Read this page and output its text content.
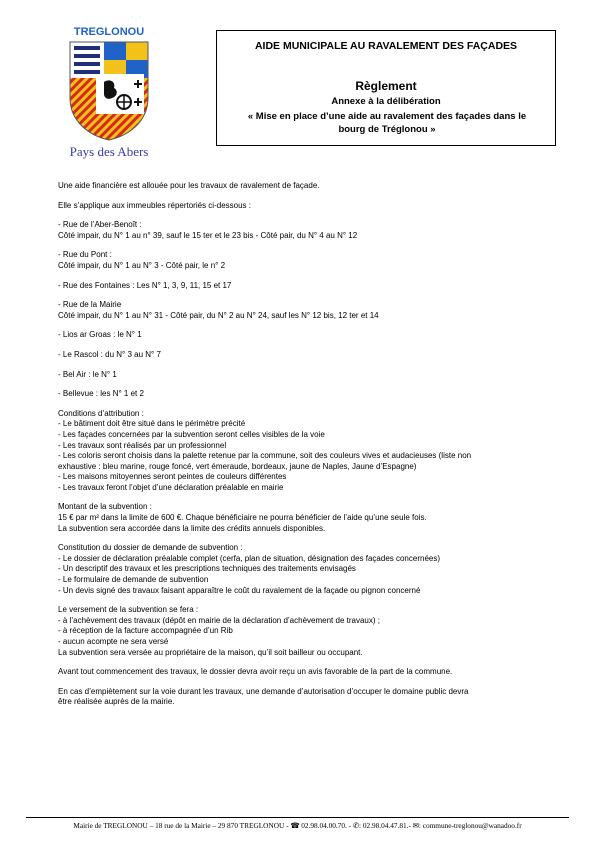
TREGLONOU
Pays des Abers
AIDE MUNICIPALE AU RAVALEMENT DES FAÇADES
Règlement
Annexe à la délibération
« Mise en place d’une aide au ravalement des façades dans le
bourg de Tréglonou »

Une aide financière est allouée pour les travaux de ravalement de façade.

Elle s’applique aux immeubles répertoriés ci-dessous :

- Rue de l’Aber-Benoît :
Côté impair, du N° 1 au n° 39, sauf le 15 ter et le 23 bis - Côté pair, du N° 4 au N° 12

- Rue du Pont :
Côté impair, du N° 1 au N° 3 - Côté pair, le n° 2

- Rue des Fontaines : Les N° 1, 3, 9, 11, 15 et 17

- Rue de la Mairie
Côté impair, du N° 1 au N° 31 - Côté pair, du N° 2 au N° 24, sauf les N° 12 bis, 12 ter et 14

- Lios ar Groas : le N° 1

- Le Rascol : du N° 3 au N° 7

- Bel Air : le N° 1

- Bellevue : les N° 1 et 2

Conditions d’attribution :
- Le bâtiment doit être situé dans le périmètre précité
- Les façades concernées par la subvention seront celles visibles de la voie
- Les travaux sont réalisés par un professionnel
- Les coloris seront choisis dans la palette retenue par la commune, soit des couleurs vives et audacieuses (liste non
exhaustive : bleu marine, rouge foncé, vert émeraude, bordeaux, jaune de Naples, Jaune d’Espagne)
- Les maisons mitoyennes seront peintes de couleurs différentes
- Les travaux feront l’objet d’une déclaration préalable en mairie

Montant de la subvention :
15 € par m² dans la limite de 600 €. Chaque bénéficiaire ne pourra bénéficier de l’aide qu’une seule fois.
La subvention sera accordée dans la limite des crédits annuels disponibles.

Constitution du dossier de demande de subvention :
- Le dossier de déclaration préalable complet (cerfa, plan de situation, désignation des façades concernées)
- Un descriptif des travaux et les prescriptions techniques des traitements envisagés
- Le formulaire de demande de subvention
- Un devis signé des travaux faisant apparaître le coût du ravalement de la façade ou pignon concerné

Le versement de la subvention se fera :
- à l’achèvement des travaux (dépôt en mairie de la déclaration d’achèvement de travaux) ;
- à réception de la facture accompagnée d’un Rib
- aucun acompte ne sera versé
La subvention sera versée au propriétaire de la maison, qu’il soit bailleur ou occupant.

Avant tout commencement des travaux, le dossier devra avoir reçu un avis favorable de la part de la commune.

En cas d’empiètement sur la voie durant les travaux, une demande d’autorisation d’occuper le domaine public devra
être réalisée auprès de la mairie.

Mairie de TREGLONOU – 18 rue de la Mairie – 29 870 TREGLONOU - ☎ 02.98.04.00.70. - ✆: 02.98.04.47.81.- ✉: commune-treglonou@wanadoo.fr
